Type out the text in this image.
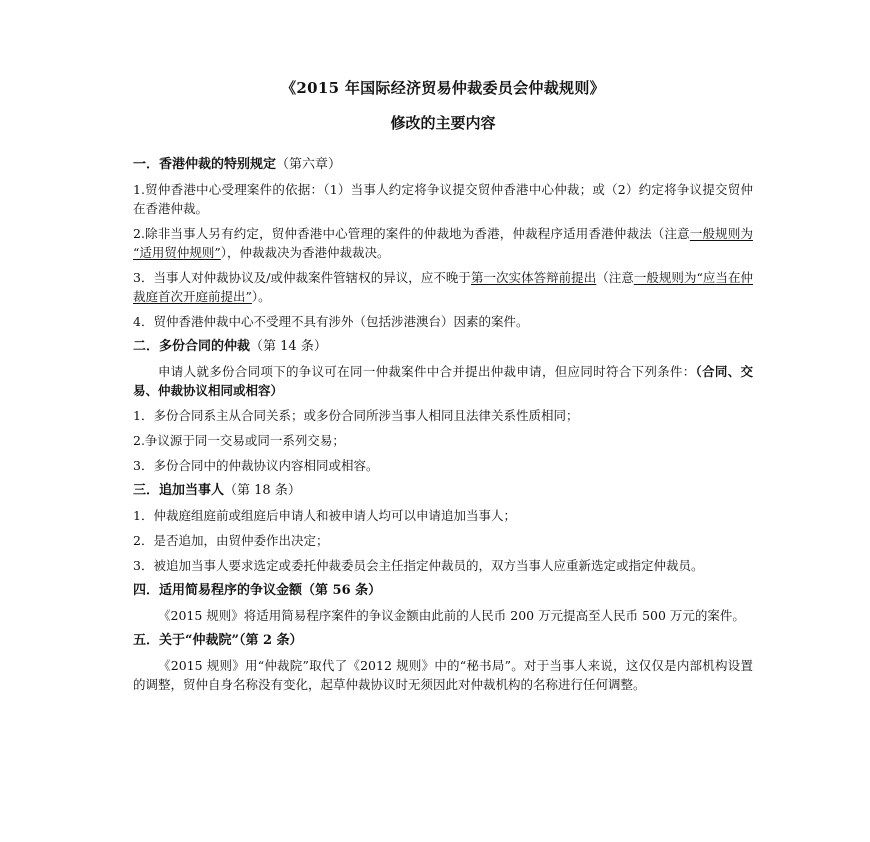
《2015 年国际经济贸易仲裁委员会仲裁规则》
修改的主要内容
一．香港仲裁的特别规定（第六章）
1.贸仲香港中心受理案件的依据：（1）当事人约定将争议提交贸仲香港中心仲裁；或（2）约定将争议提交贸仲在香港仲裁。
2.除非当事人另有约定，贸仲香港中心管理的案件的仲裁地为香港，仲裁程序适用香港仲裁法（注意一般规则为 “适用贸仲规则”），仲裁裁决为香港仲裁裁决。
3．当事人对仲裁协议及/或仲裁案件管辖权的异议，应不晚于第一次实体答辩前提出（注意一般规则为“应当在仲裁庭首次开庭前提出”）。
4．贸仲香港仲裁中心不受理不具有涉外（包括涉港澳台）因素的案件。
二．多份合同的仲裁（第 14 条）
申请人就多份合同项下的争议可在同一仲裁案件中合并提出仲裁申请，但应同时符合下列条件：（合同、交易、仲裁协议相同或相容）
1．多份合同系主从合同关系；或多份合同所涉当事人相同且法律关系性质相同；
2.争议源于同一交易或同一系列交易；
3．多份合同中的仲裁协议内容相同或相容。
三．追加当事人（第 18 条）
1．仲裁庭组庭前或组庭后申请人和被申请人均可以申请追加当事人；
2．是否追加，由贸仲委作出决定；
3．被追加当事人要求选定或委托仲裁委员会主任指定仲裁员的，双方当事人应重新选定或指定仲裁员。
四．适用简易程序的争议金额（第 56 条）
《2015 规则》将适用简易程序案件的争议金额由此前的人民币 200 万元提高至人民币 500 万元的案件。
五．关于“仲裁院”（第 2 条）
《2015 规则》用“仲裁院”取代了《2012 规则》中的“秘书局”。对于当事人来说，这仅仅是内部机构设置的调整，贸仲自身名称没有变化，起草仲裁协议时无须因此对仲裁机构的名称进行任何调整。
